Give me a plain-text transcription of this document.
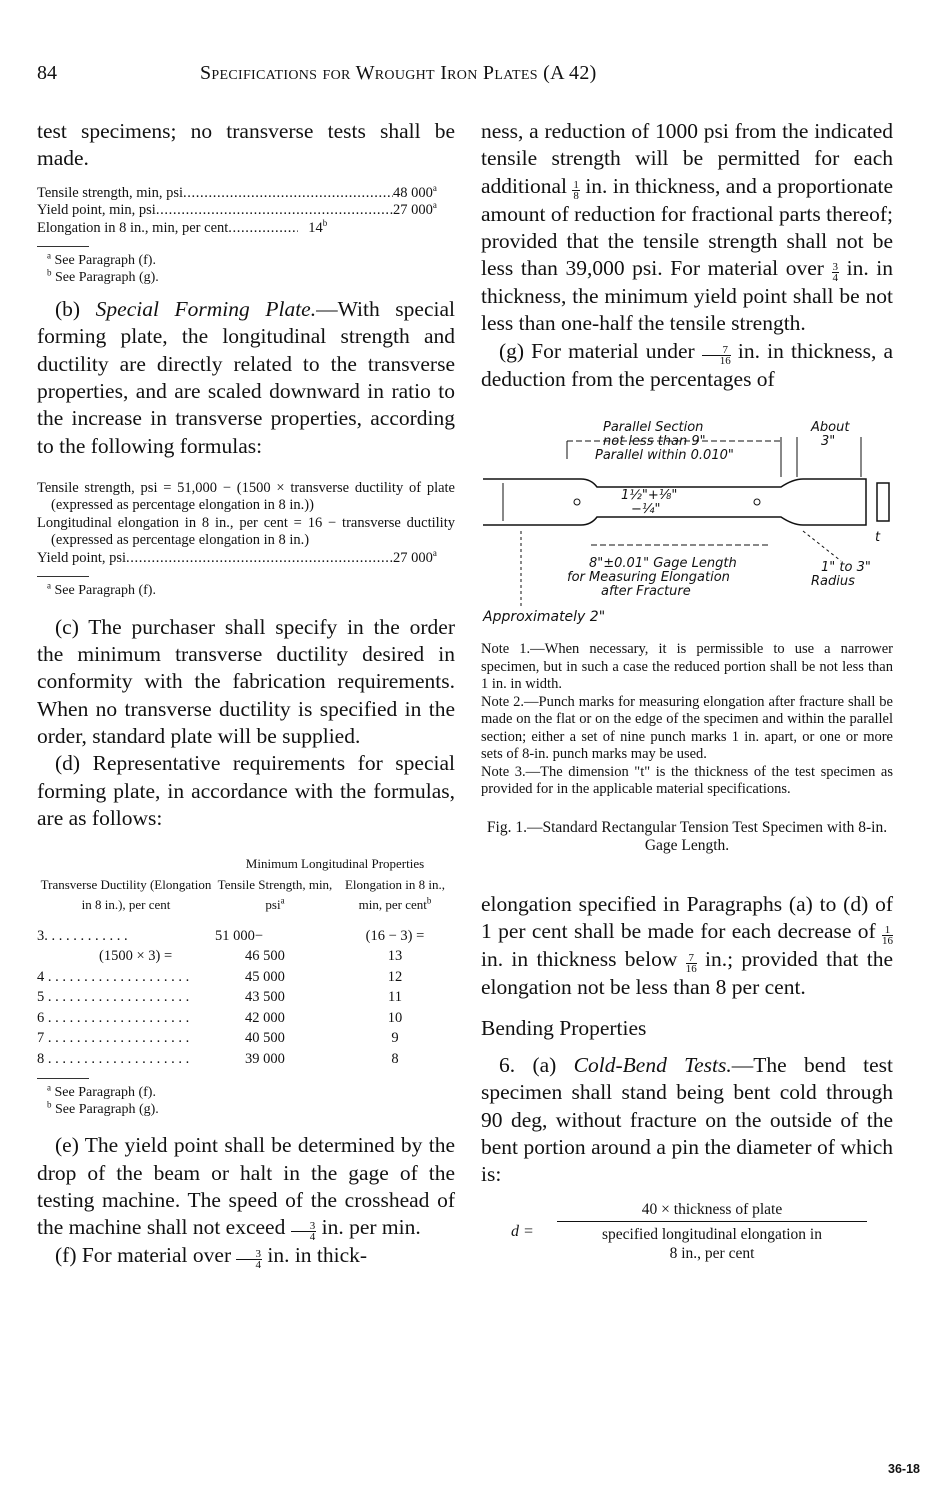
84	Specifications for Wrought Iron Plates (A 42)

test specimens; no transverse tests shall be made.

Tensile strength, min, psi . . .	48 000$^a$
Yield point, min, psi . . .	27 000$^a$
Elongation in 8 in., min, per cent . . .	14$^b$
$^a$ See Paragraph (f).
$^b$ See Paragraph (g).

(b) Special Forming Plate.—With special forming plate, the longitudinal strength and ductility are directly related to the transverse properties, and are scaled downward in ratio to the increase in transverse properties, according to the following formulas:

Tensile strength, psi = 51,000 − (1500 × transverse ductility of plate (expressed as percentage elongation in 8 in.))
Longitudinal elongation in 8 in., per cent = 16 − transverse ductility (expressed as percentage elongation in 8 in.)
Yield point, psi . . .	27 000$^a$
$^a$ See Paragraph (f).

(c) The purchaser shall specify in the order the minimum transverse ductility desired in conformity with the fabrication requirements. When no transverse ductility is specified in the order, standard plate will be supplied.

(d) Representative requirements for special forming plate, in accordance with the formulas, are as follows:

	Minimum Longitudinal Properties	
Transverse Ductility (Elongation in 8 in.), per cent	Tensile Strength, min, psi$^a$	Elongation in 8 in., min, per cent$^b$

3. . . . . . . . . . . .	51 000−	(16 − 3) =
(1500 × 3) =	46 500	13
4 . . . . . . . . . . . . . . . . . . . .	45 000	12
5 . . . . . . . . . . . . . . . . . . . .	43 500	11
6 . . . . . . . . . . . . . . . . . . . .	42 000	10
7 . . . . . . . . . . . . . . . . . . . .	40 500	9
8 . . . . . . . . . . . . . . . . . . . .	39 000	8
$^a$ See Paragraph (f).
$^b$ See Paragraph (g).

(e) The yield point shall be determined by the drop of the beam or halt in the gage of the testing machine. The speed of the crosshead of the machine shall not exceed $\frac{3}{4}$ in. per min.

(f) For material over $\frac{3}{4}$ in. in thick-

ness, a reduction of 1000 psi from the indicated tensile strength will be permitted for each additional $\frac{1}{8}$ in. in thickness, and a proportionate amount of reduction for fractional parts thereof; provided that the tensile strength shall not be less than 39,000 psi. For material over $\frac{3}{4}$ in. in thickness, the minimum yield point shall be not less than one-half the tensile strength.

(g) For material under $\frac{7}{16}$ in. in thickness, a deduction from the percentages of

Parallel Section
not less than 9"
Parallel within 0.010"
About
3"
1½"+⅛"
−¼"
8"±0.01" Gage Length
for Measuring Elongation
after Fracture
1" to 3"
Radius
Approximately 2"
t

Note 1.—When necessary, it is permissible to use a narrower specimen, but in such a case the reduced portion shall be not less than 1 in. in width.

Note 2.—Punch marks for measuring elongation after fracture shall be made on the flat or on the edge of the specimen and within the parallel section; either a set of nine punch marks 1 in. apart, or one or more sets of 8-in. punch marks may be used.

Note 3.—The dimension "t" is the thickness of the test specimen as provided for in the applicable material specifications.

Fig. 1.—Standard Rectangular Tension Test Specimen with 8-in. Gage Length.

elongation specified in Paragraphs (a) to (d) of 1 per cent shall be made for each decrease of $\frac{1}{16}$
in. in thickness below $\frac{7}{16}$ in.; provided that the elongation not be less than 8 per cent.

Bending Properties

6. (a) Cold-Bend Tests.—The bend test specimen shall stand being bent cold through 90 deg, without fracture on the outside of the bent portion around a pin the diameter of which is:

d =
40 × thickness of plate
specified longitudinal elongation in
8 in., per cent
36-18
